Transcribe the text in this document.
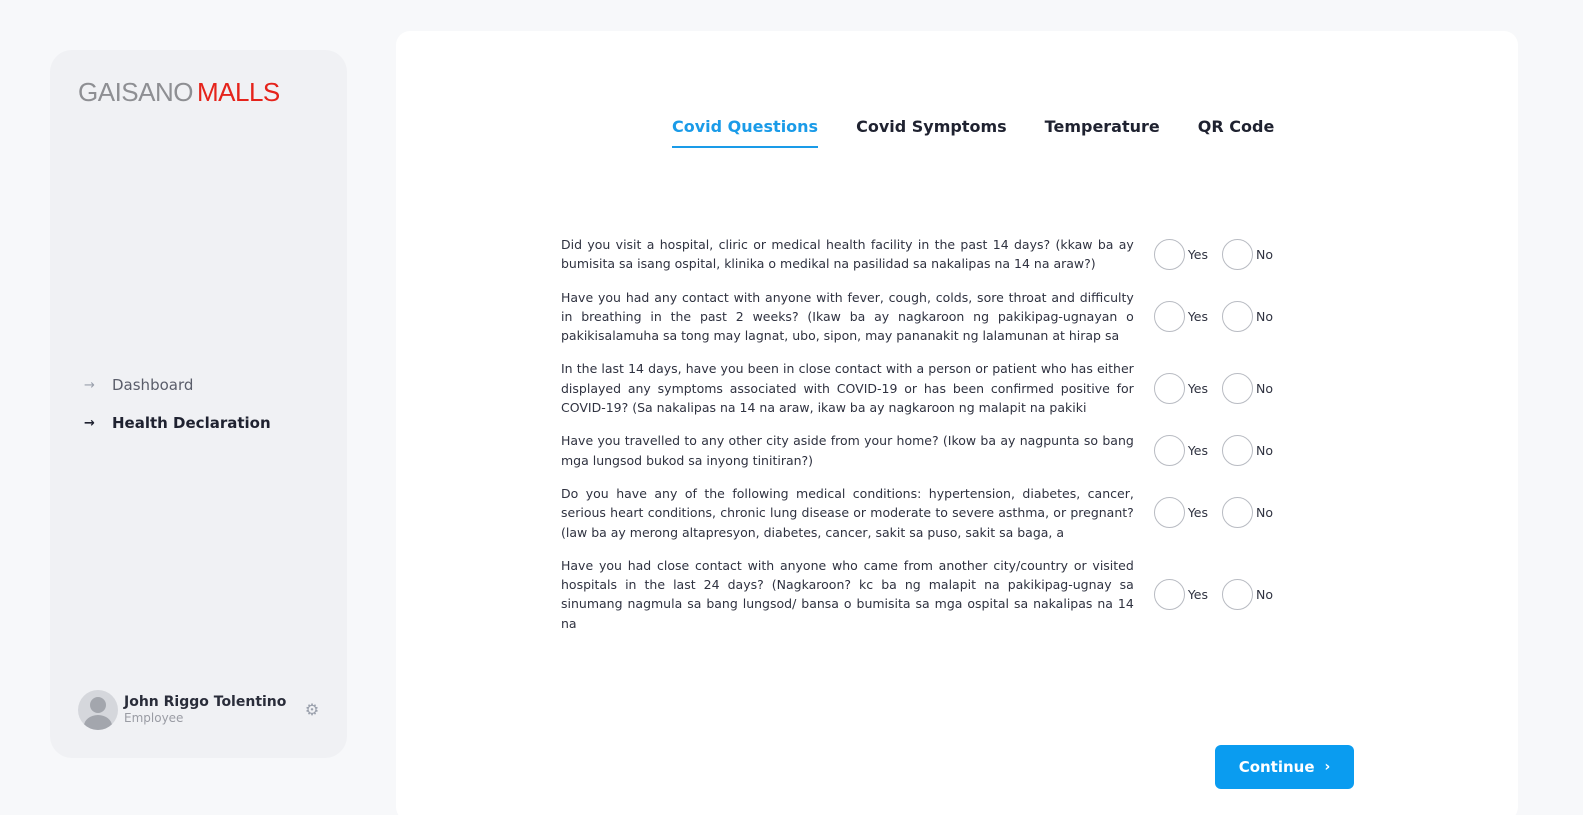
GAISANO MALLS
→ Dashboard
→ Health Declaration
John Riggo Tolentino
Employee	⚙
Covid Questions Covid Symptoms Temperature QR Code
Did you visit a hospital, cliric or medical health facility in the past 14 days? (kkaw ba ay bumisita sa isang ospital, klinika o medikal na pasilidad sa nakalipas na 14 na araw?)
Yes	No
Have you had any contact with anyone with fever, cough, colds, sore throat and difficulty in breathing in the past 2 weeks? (Ikaw ba ay nagkaroon ng pakikipag-ugnayan o pakikisalamuha sa tong may lagnat, ubo, sipon, may pananakit ng lalamunan at hirap sa
Yes	No
In the last 14 days, have you been in close contact with a person or patient who has either displayed any symptoms associated with COVID-19 or has been confirmed positive for COVID-19? (Sa nakalipas na 14 na araw, ikaw ba ay nagkaroon ng malapit na pakiki
Yes	No
Have you travelled to any other city aside from your home? (Ikow ba ay nagpunta so bang mga lungsod bukod sa inyong tinitiran?)
Yes	No
Do you have any of the following medical conditions: hypertension, diabetes, cancer, serious heart conditions, chronic lung disease or moderate to severe asthma, or pregnant? (law ba ay merong altapresyon, diabetes, cancer, sakit sa puso, sakit sa baga, a
Yes	No
Have you had close contact with anyone who came from another city/country or visited hospitals in the last 24 days? (Nagkaroon? kc ba ng malapit na pakikipag-ugnay sa sinumang nagmula sa bang lungsod/ bansa o bumisita sa mga ospital sa nakalipas na 14 na
Yes	No
Continue ›
